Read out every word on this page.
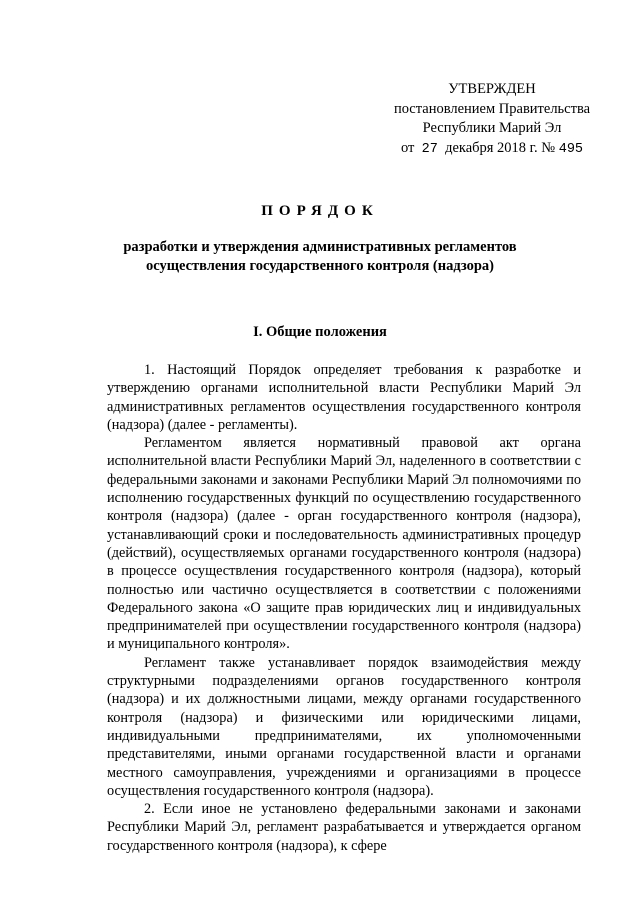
УТВЕРЖДЕН
постановлением Правительства
Республики Марий Эл
от 27 декабря 2018 г. № 495
ПОРЯДОК
разработки и утверждения административных регламентов
осуществления государственного контроля (надзора)
I. Общие положения

1. Настоящий Порядок определяет требования к разработке и утверждению органами исполнительной власти Республики Марий Эл административных регламентов осуществления государственного контроля (надзора) (далее - регламенты).

Регламентом является нормативный правовой акт органа исполнительной власти Республики Марий Эл, наделенного в соответствии с федеральными законами и законами Республики Марий Эл полномочиями по исполнению государственных функций по осуществлению государственного контроля (надзора) (далее - орган государственного контроля (надзора), устанавливающий сроки и последовательность административных процедур (действий), осуществляемых органами государственного контроля (надзора) в процессе осуществления государственного контроля (надзора), который полностью или частично осуществляется в соответствии с положениями Федерального закона «О защите прав юридических лиц и индивидуальных предпринимателей при осуществлении государственного контроля (надзора) и муниципального контроля».

Регламент также устанавливает порядок взаимодействия между структурными подразделениями органов государственного контроля (надзора) и их должностными лицами, между органами государственного контроля (надзора) и физическими или юридическими лицами, индивидуальными предпринимателями, их уполномоченными представителями, иными органами государственной власти и органами местного самоуправления, учреждениями и организациями в процессе осуществления государственного контроля (надзора).

2. Если иное не установлено федеральными законами и законами Республики Марий Эл, регламент разрабатывается и утверждается органом государственного контроля (надзора), к сфере
